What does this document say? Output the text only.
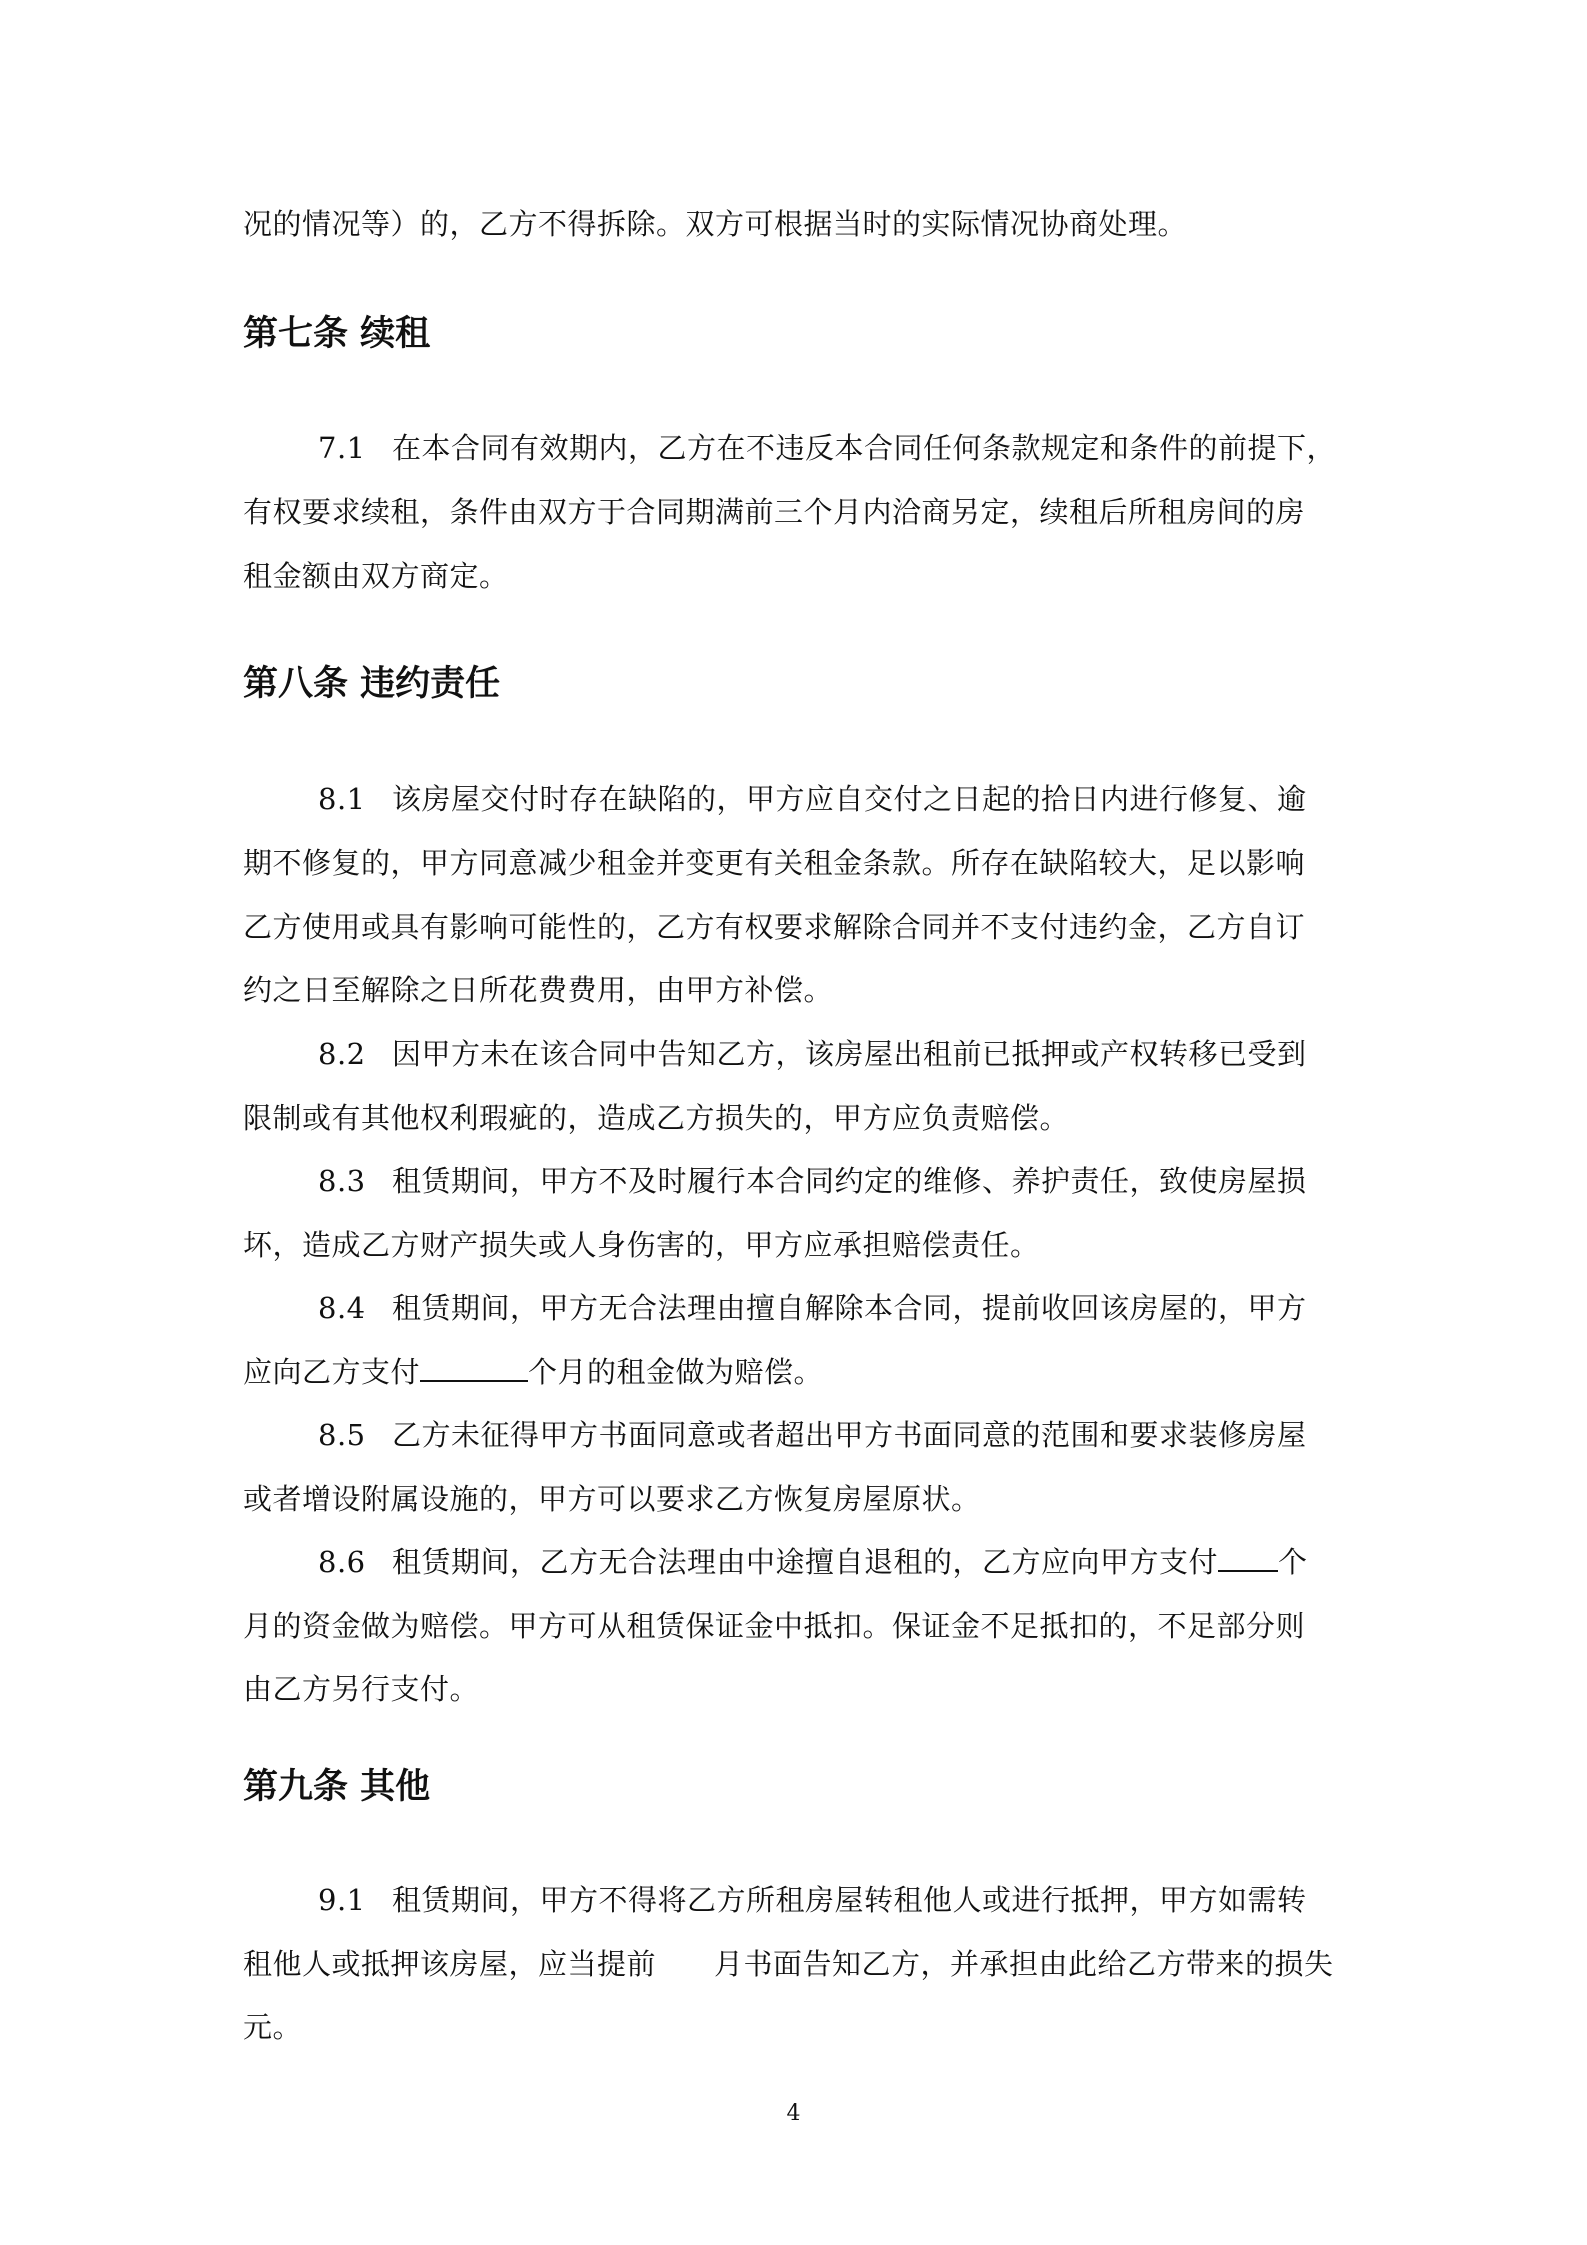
况的情况等）的，乙方不得拆除。双方可根据当时的实际情况协商处理。
第七条 续租
7.1 在本合同有效期内，乙方在不违反本合同任何条款规定和条件的前提下，
有权要求续租，条件由双方于合同期满前三个月内洽商另定，续租后所租房间的房
租金额由双方商定。
第八条 违约责任
8.1 该房屋交付时存在缺陷的，甲方应自交付之日起的拾日内进行修复、逾
期不修复的，甲方同意减少租金并变更有关租金条款。所存在缺陷较大，足以影响
乙方使用或具有影响可能性的，乙方有权要求解除合同并不支付违约金，乙方自订
约之日至解除之日所花费费用，由甲方补偿。
8.2 因甲方未在该合同中告知乙方，该房屋出租前已抵押或产权转移已受到
限制或有其他权利瑕疵的，造成乙方损失的，甲方应负责赔偿。
8.3 租赁期间，甲方不及时履行本合同约定的维修、养护责任，致使房屋损
坏，造成乙方财产损失或人身伤害的，甲方应承担赔偿责任。
8.4 租赁期间，甲方无合法理由擅自解除本合同，提前收回该房屋的，甲方
应向乙方支付	个月的租金做为赔偿。
8.5 乙方未征得甲方书面同意或者超出甲方书面同意的范围和要求装修房屋
或者增设附属设施的，甲方可以要求乙方恢复房屋原状。
8.6 租赁期间，乙方无合法理由中途擅自退租的，乙方应向甲方支付 个
月的资金做为赔偿。甲方可从租赁保证金中抵扣。保证金不足抵扣的，不足部分则
由乙方另行支付。
第九条 其他
9.1 租赁期间，甲方不得将乙方所租房屋转租他人或进行抵押，甲方如需转
租他人或抵押该房屋，应当提前 月书面告知乙方，并承担由此给乙方带来的损失
元。
4
